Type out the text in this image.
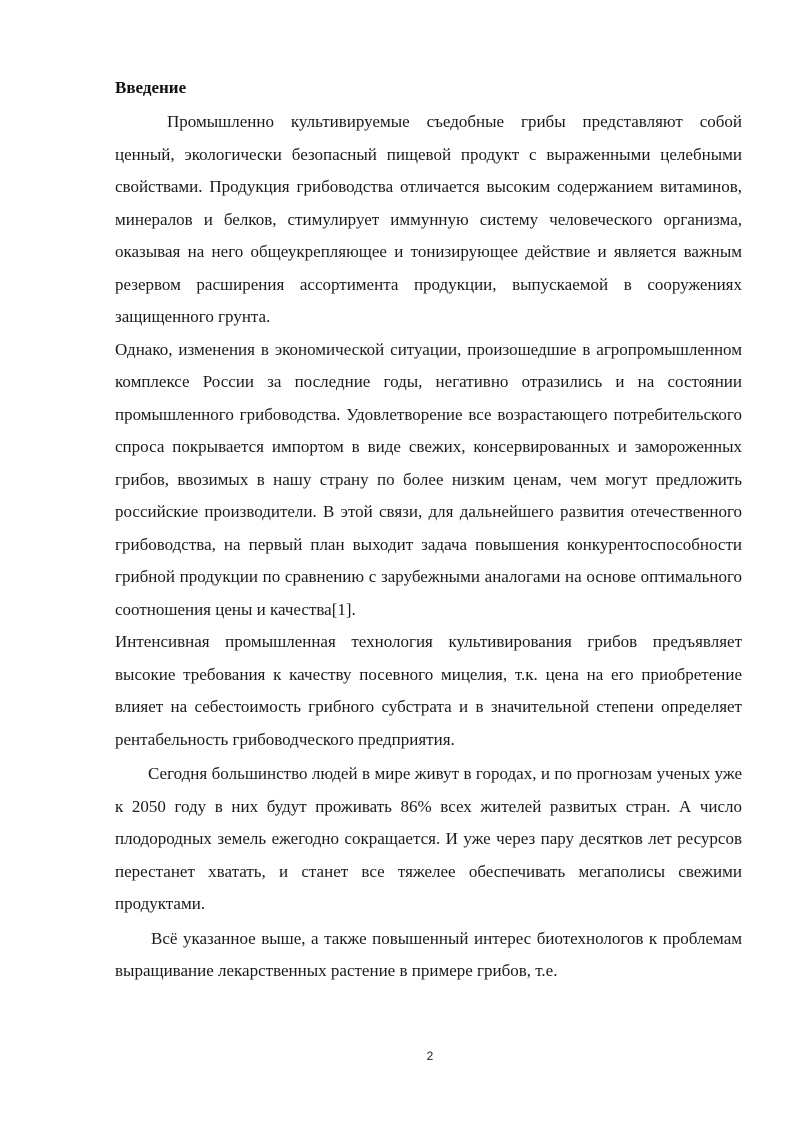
Введение

Промышленно культивируемые съедобные грибы представляют собой ценный, экологически безопасный пищевой продукт с выраженными целебными свойствами. Продукция грибоводства отличается высоким содержанием витаминов, минералов и белков, стимулирует иммунную систему человеческого организма, оказывая на него общеукрепляющее и тонизирующее действие и является важным резервом расширения ассортимента продукции, выпускаемой в сооружениях защищенного грунта.

Однако, изменения в экономической ситуации, произошедшие в агропромышленном комплексе России за последние годы, негативно отразились и на состоянии промышленного грибоводства. Удовлетворение все возрастающего потребительского спроса покрывается импортом в виде свежих, консервированных и замороженных грибов, ввозимых в нашу страну по более низким ценам, чем могут предложить российские производители. В этой связи, для дальнейшего развития отечественного грибоводства, на первый план выходит задача повышения конкурентоспособности грибной продукции по сравнению с зарубежными аналогами на основе оптимального соотношения цены и качества[1].

Интенсивная промышленная технология культивирования грибов предъявляет высокие требования к качеству посевного мицелия, т.к. цена на его приобретение влияет на себестоимость грибного субстрата и в значительной степени определяет рентабельность грибоводческого предприятия.

Сегодня большинство людей в мире живут в городах, и по прогнозам ученых уже к 2050 году в них будут проживать 86% всех жителей развитых стран. А число плодородных земель ежегодно сокращается. И уже через пару десятков лет ресурсов перестанет хватать, и станет все тяжелее обеспечивать мегаполисы свежими продуктами.

Всё указанное выше, а также повышенный интерес биотехнологов к проблемам выращивание лекарственных растение в примере грибов, т.е.

2
